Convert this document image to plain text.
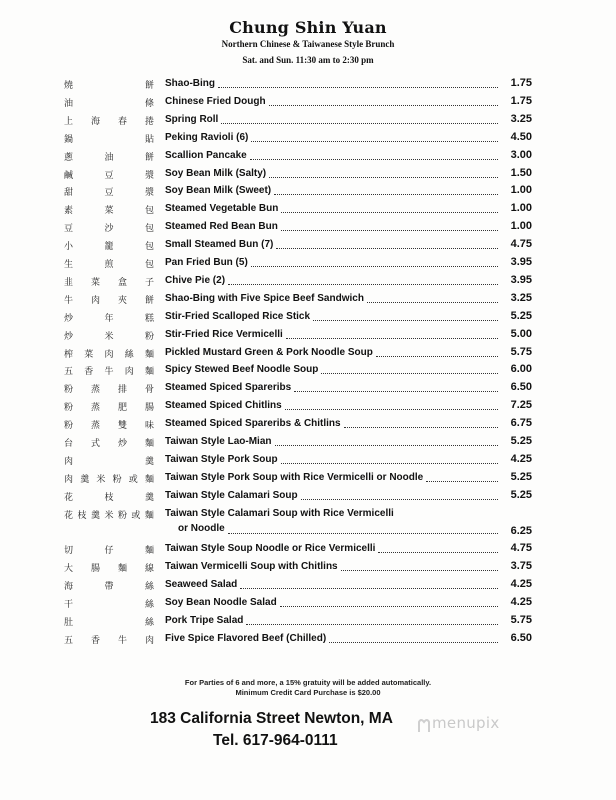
Chung Shin Yuan
Northern Chinese & Taiwanese Style Brunch
Sat. and Sun. 11:30 am to 2:30 pm
燒	餅 Shao-Bing	1.75
油	條 Chinese Fried Dough	1.75
上 海 春 捲 Spring Roll	3.25
鍋	貼 Peking Ravioli (6)	4.50
蔥	油	餅 Scallion Pancake	3.00
鹹	豆	漿 Soy Bean Milk (Salty)	1.50
甜	豆	漿 Soy Bean Milk (Sweet)	1.00
素	菜	包 Steamed Vegetable Bun	1.00
豆	沙	包 Steamed Red Bean Bun	1.00
小	籠	包 Small Steamed Bun (7)	4.75
生	煎	包 Pan Fried Bun (5)	3.95
韭 菜 盒 子 Chive Pie (2)	3.95
牛 肉 夾 餅 Shao-Bing with Five Spice Beef Sandwich	3.25
炒	年	糕 Stir-Fried Scalloped Rice Stick	5.25
炒	米	粉 Stir-Fried Rice Vermicelli	5.00
榨 菜 肉 絲 麵 Pickled Mustard Green & Pork Noodle Soup	5.75
五 香 牛 肉 麵 Spicy Stewed Beef Noodle Soup	6.00
粉 蒸 排 骨 Steamed Spiced Spareribs	6.50
粉 蒸 肥 腸 Steamed Spiced Chitlins	7.25
粉 蒸 雙 味 Steamed Spiced Spareribs & Chitlins	6.75
台 式 炒 麵 Taiwan Style Lao-Mian	5.25
肉	羹 Taiwan Style Pork Soup	4.25
肉 羹 米 粉 或 麵 Taiwan Style Pork Soup with Rice Vermicelli or Noodle	5.25
花	枝	羹 Taiwan Style Calamari Soup	5.25
花 枝 羹 米 粉 或 麵 Taiwan Style Calamari Soup with Rice Vermicelli
or Noodle	6.25
切	仔	麵 Taiwan Style Soup Noodle or Rice Vermicelli	4.75
大 腸 麵 線 Taiwan Vermicelli Soup with Chitlins	3.75
海	帶	絲 Seaweed Salad	4.25
干	絲 Soy Bean Noodle Salad	4.25
肚	絲 Pork Tripe Salad	5.75
五 香 牛 肉 Five Spice Flavored Beef (Chilled)	6.50
For Parties of 6 and more, a 15% gratuity will be added automatically.
Minimum Credit Card Purchase is $20.00
183 California Street Newton, MA
Tel. 617-964-0111
menupix
